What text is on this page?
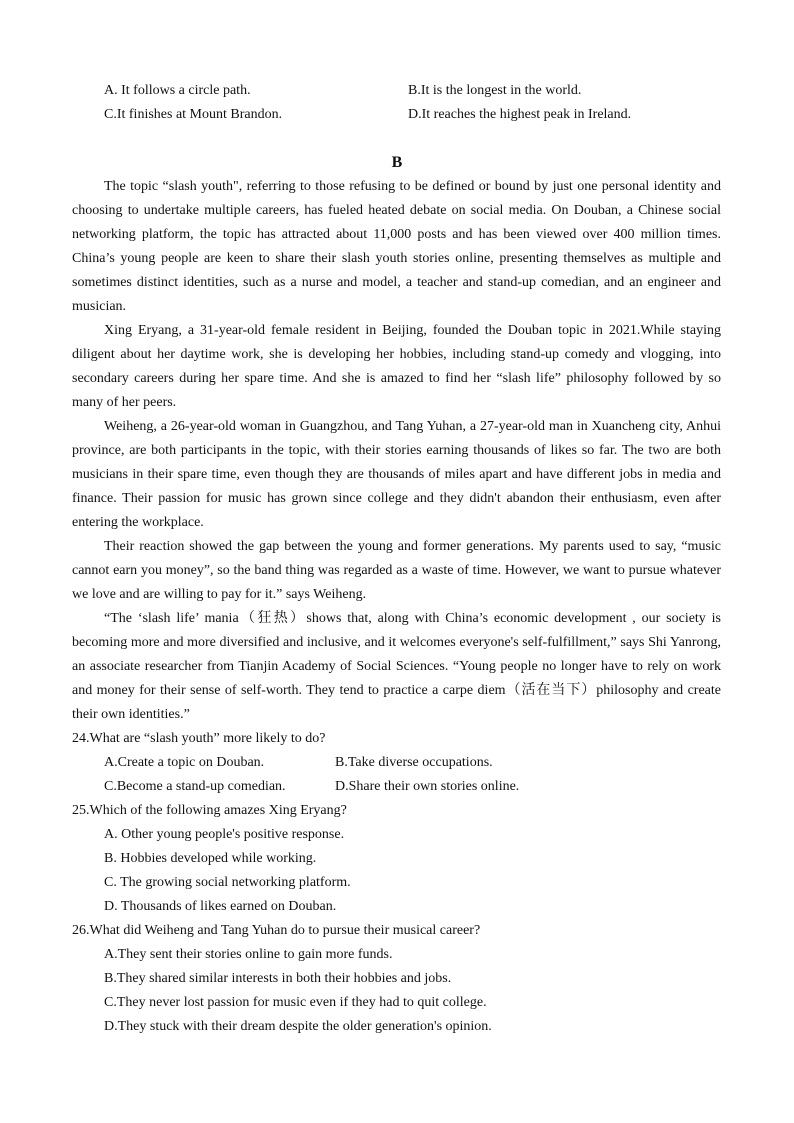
A. It follows a circle path.	B.It is the longest in the world.
C.It finishes at Mount Brandon.	D.It reaches the highest peak in Ireland.
B

The topic “slash youth", referring to those refusing to be defined or bound by just one personal identity and choosing to undertake multiple careers, has fueled heated debate on social media. On Douban, a Chinese social networking platform, the topic has attracted about 11,000 posts and has been viewed over 400 million times. China’s young people are keen to share their slash youth stories online, presenting themselves as multiple and sometimes distinct identities, such as a nurse and model, a teacher and stand-up comedian, and an engineer and musician.

Xing Eryang, a 31-year-old female resident in Beijing, founded the Douban topic in 2021.While staying diligent about her daytime work, she is developing her hobbies, including stand-up comedy and vlogging, into secondary careers during her spare time. And she is amazed to find her “slash life” philosophy followed by so many of her peers.

Weiheng, a 26-year-old woman in Guangzhou, and Tang Yuhan, a 27-year-old man in Xuancheng city, Anhui province, are both participants in the topic, with their stories earning thousands of likes so far. The two are both musicians in their spare time, even though they are thousands of miles apart and have different jobs in media and finance. Their passion for music has grown since college and they didn't abandon their enthusiasm, even after entering the workplace.

Their reaction showed the gap between the young and former generations. My parents used to say, “music cannot earn you money”, so the band thing was regarded as a waste of time. However, we want to pursue whatever we love and are willing to pay for it.” says Weiheng.

“The ‘slash life’ mania（狂热）shows that, along with China’s economic development , our society is becoming more and more diversified and inclusive, and it welcomes everyone's self-fulfillment,” says Shi Yanrong, an associate researcher from Tianjin Academy of Social Sciences. “Young people no longer have to rely on work and money for their sense of self-worth. They tend to practice a carpe diem（活在当下）philosophy and create their own identities.”

24.What are “slash youth” more likely to do?

A.Create a topic on Douban.	B.Take diverse occupations.
C.Become a stand-up comedian.	D.Share their own stories online.

25.Which of the following amazes Xing Eryang?

A. Other young people's positive response.

B. Hobbies developed while working.

C. The growing social networking platform.

D. Thousands of likes earned on Douban.

26.What did Weiheng and Tang Yuhan do to pursue their musical career?

A.They sent their stories online to gain more funds.

B.They shared similar interests in both their hobbies and jobs.

C.They never lost passion for music even if they had to quit college.

D.They stuck with their dream despite the older generation's opinion.
